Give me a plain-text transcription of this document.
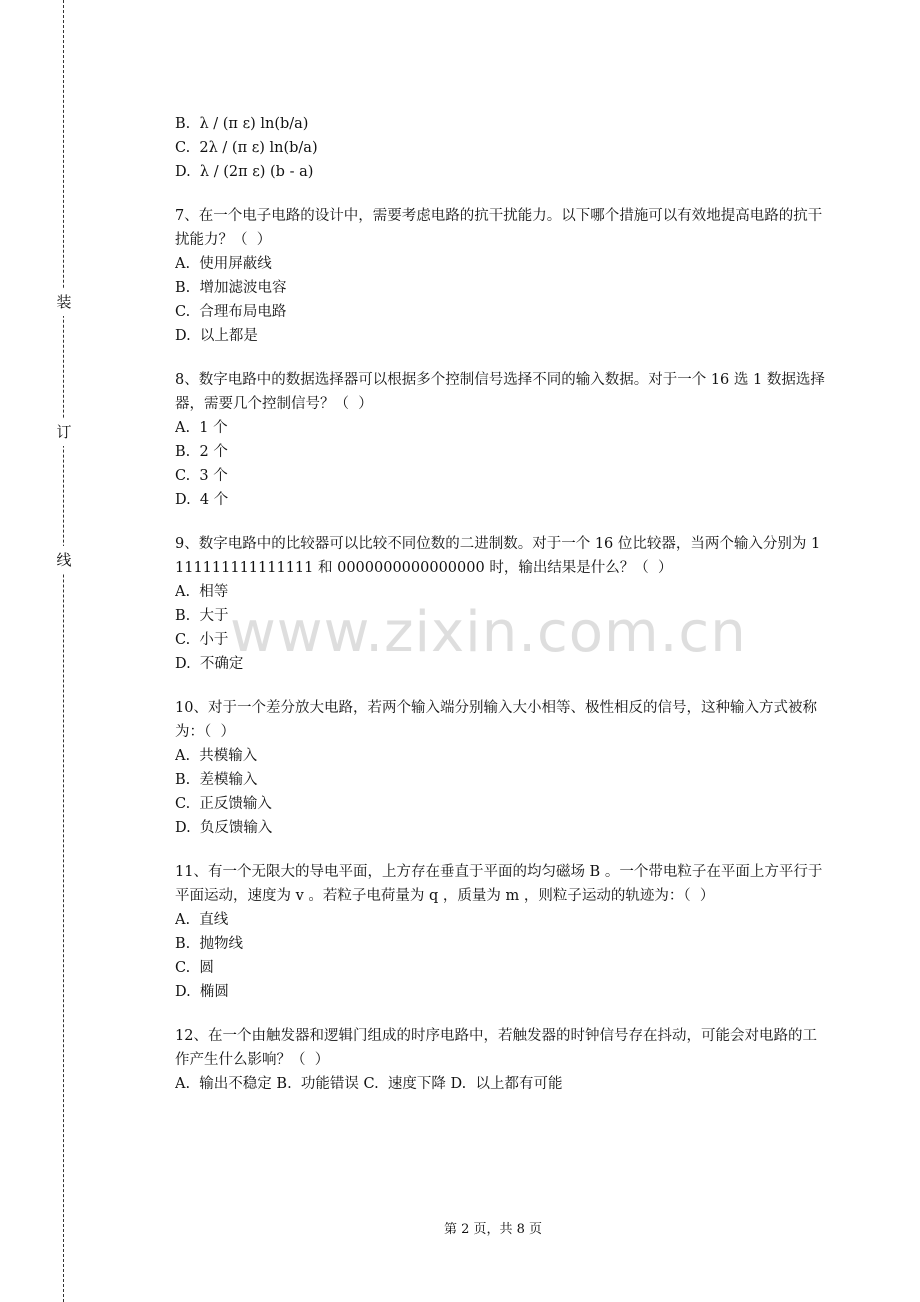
装
订
线
B.  λ / (π ε) ln(b/a)
C.  2λ / (π ε) ln(b/a)
D.  λ / (2π ε) (b - a)
7、在一个电子电路的设计中，需要考虑电路的抗干扰能力。以下哪个措施可以有效地提高电路的抗干扰能力？（  ）
A.  使用屏蔽线
B.  增加滤波电容
C.  合理布局电路
D.  以上都是
8、数字电路中的数据选择器可以根据多个控制信号选择不同的输入数据。对于一个 16 选 1 数据选择器，需要几个控制信号？（  ）
A.  1 个
B.  2 个
C.  3 个
D.  4 个
9、数字电路中的比较器可以比较不同位数的二进制数。对于一个 16 位比较器，当两个输入分别为 1111111111111111 和 0000000000000000 时，输出结果是什么？（  ）
A.  相等
B.  大于
C.  小于
D.  不确定
10、对于一个差分放大电路，若两个输入端分别输入大小相等、极性相反的信号，这种输入方式被称为：（  ）
A.  共模输入
B.  差模输入
C.  正反馈输入
D.  负反馈输入
11、有一个无限大的导电平面，上方存在垂直于平面的均匀磁场 B 。一个带电粒子在平面上方平行于平面运动，速度为 v 。若粒子电荷量为 q ，质量为 m ，则粒子运动的轨迹为：（  ）
A.  直线
B.  抛物线
C.  圆
D.  椭圆
12、在一个由触发器和逻辑门组成的时序电路中，若触发器的时钟信号存在抖动，可能会对电路的工作产生什么影响？（  ）
A.  输出不稳定 B.  功能错误 C.  速度下降 D.  以上都有可能
www.zixin.com.cn
第 2 页，共 8 页
